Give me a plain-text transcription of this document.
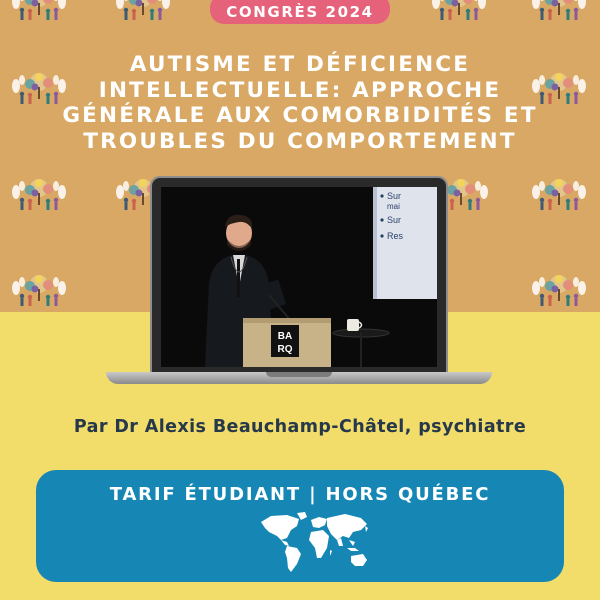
CONGRÈS 2024
AUTISME ET DÉFICIENCE
INTELLECTUELLE: APPROCHE
GÉNÉRALE AUX COMORBIDITÉS ET
TROUBLES DU COMPORTEMENT
Sur
mai
Sur
Res
BA
RQ
Par Dr Alexis Beauchamp-Châtel, psychiatre
TARIF ÉTUDIANT | HORS QUÉBEC
